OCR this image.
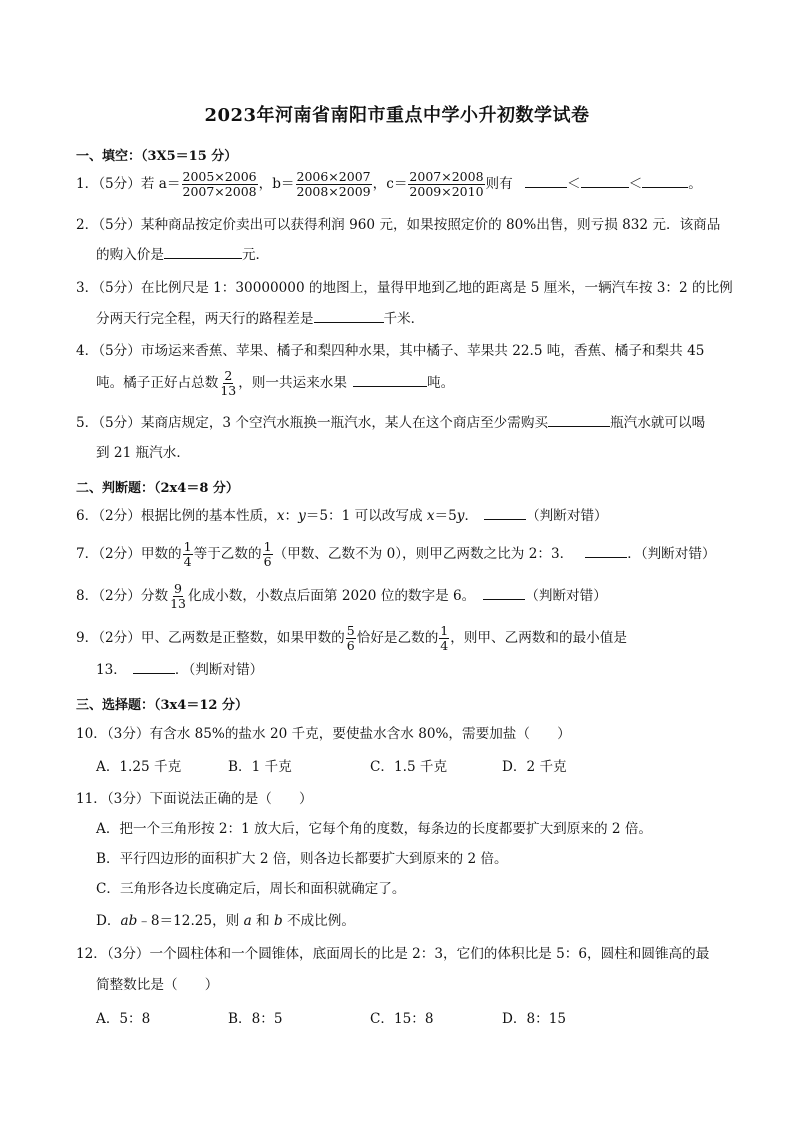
2023年河南省南阳市重点中学小升初数学试卷
一、填空：（3X5＝15 分）
1．（5分）若 $a= \frac{2005\times 2006}{2007\times 2008}$ ，$b= \frac{2006\times 2007}{2008\times 2009}$ ，$c= \frac{2007\times 2008}{2009\times 2010}$ 则有	＜	＜	。
2．（5分）某种商品按定价卖出可以获得利润 960 元，如果按照定价的 80%出售，则亏损 832 元．该商品
的购入价是	元．
3．（5分）在比例尺是 1：30000000 的地图上，量得甲地到乙地的距离是 5 厘米，一辆汽车按 3：2 的比例
分两天行完全程，两天行的路程差是	千米．
4．（5分）市场运来香蕉、苹果、橘子和梨四种水果，其中橘子、苹果共 22.5 吨，香蕉、橘子和梨共 45
吨。橘子正好占总数 $\frac{2}{13}$ ，则一共运来水果	吨。
5．（5分）某商店规定，3 个空汽水瓶换一瓶汽水，某人在这个商店至少需购买	瓶汽水就可以喝
到 21 瓶汽水．
二、判断题：（2x4＝8 分）
6．（2分）根据比例的基本性质，x：y＝5：1 可以改写成 x＝5y．	（判断对错）
7．（2分）甲数的 $\frac{1}{4}$ 等于乙数的 $\frac{1}{6}$ （甲数、乙数不为 0），则甲乙两数之比为 2：3．	．（判断对错）
8．（2分）分数 $\frac{9}{13}$ 化成小数，小数点后面第 2020 位的数字是 6。	（判断对错）
9．（2分）甲、乙两数是正整数，如果甲数的 $\frac{5}{6}$ 恰好是乙数的 $\frac{1}{4}$ ，则甲、乙两数和的最小值是
13．	．（判断对错）
三、选择题：（3x4＝12 分）
10．（3分）有含水 85%的盐水 20 千克，要使盐水含水 80%，需要加盐（　　）
A．1.25 千克	B．1 千克	C．1.5 千克	D．2 千克
11．（3分）下面说法正确的是（　　）
A．把一个三角形按 2：1 放大后，它每个角的度数，每条边的长度都要扩大到原来的 2 倍。
B．平行四边形的面积扩大 2 倍，则各边长都要扩大到原来的 2 倍。
C．三角形各边长度确定后，周长和面积就确定了。
D．ab﹣8＝12.25，则 a 和 b 不成比例。
12．（3分）一个圆柱体和一个圆锥体，底面周长的比是 2：3，它们的体积比是 5：6，圆柱和圆锥高的最
简整数比是（　　）
A．5：8	B．8：5	C．15：8	D．8：15
